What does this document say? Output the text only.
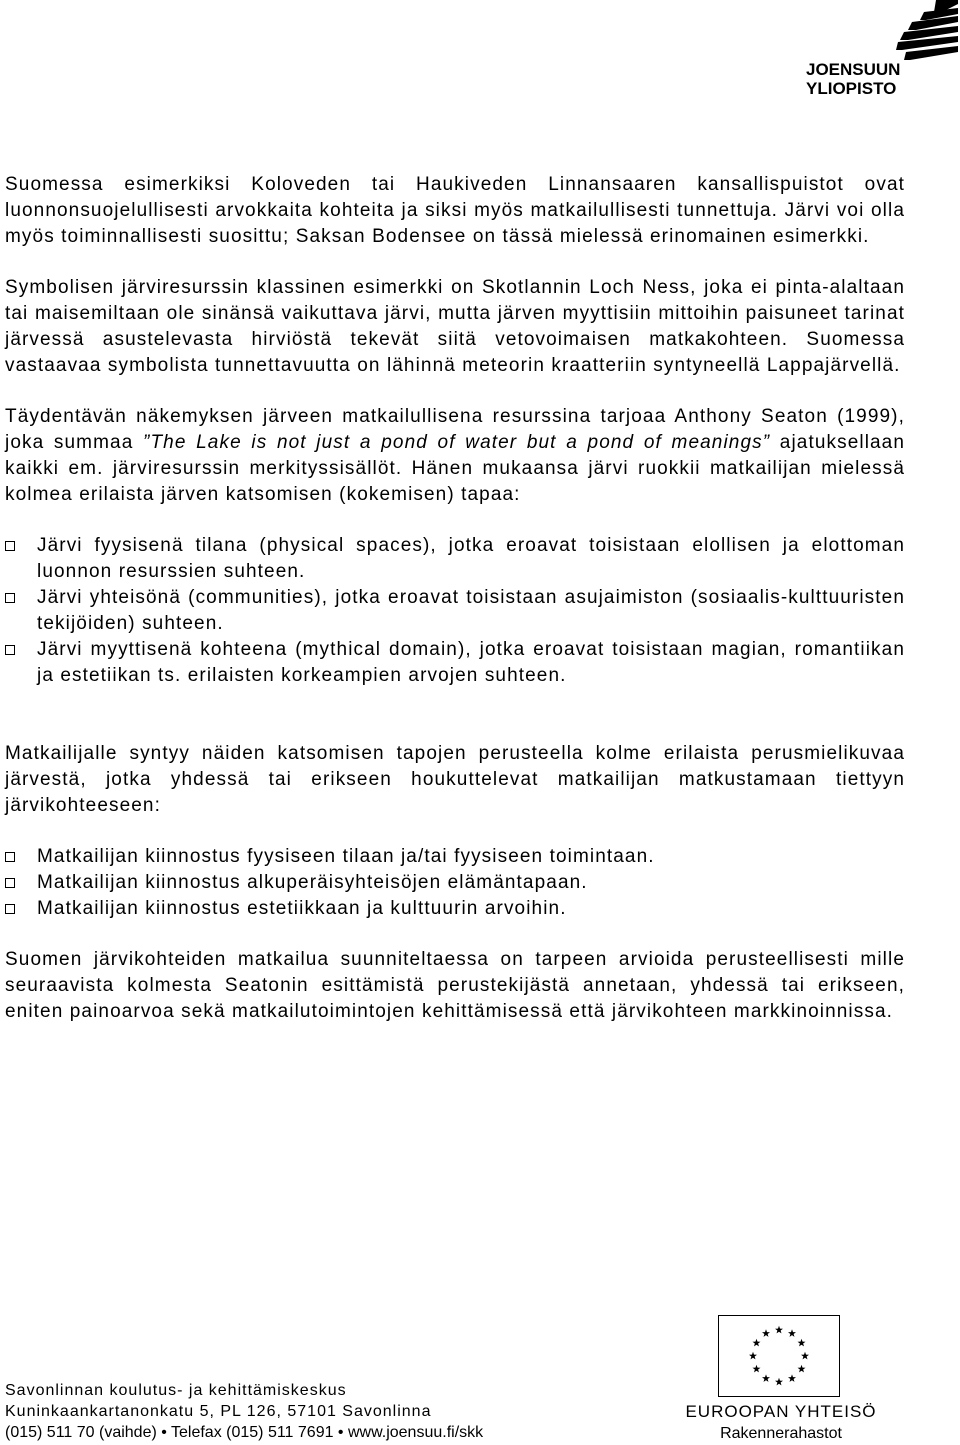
JOENSUUN
YLIOPISTO

Suomessa esimerkiksi Koloveden tai Haukiveden Linnansaaren kansallispuistot ovat luonnonsuojelullisesti arvokkaita kohteita ja siksi myös matkailullisesti tunnettuja. Järvi voi olla myös toiminnallisesti suosittu; Saksan Bodensee on tässä mielessä erinomainen esimerkki.

Symbolisen järviresurssin klassinen esimerkki on Skotlannin Loch Ness, joka ei pinta-alaltaan tai maisemiltaan ole sinänsä vaikuttava järvi, mutta järven myyttisiin mittoihin paisuneet tarinat järvessä asustelevasta hirviöstä tekevät siitä vetovoimaisen matkakohteen. Suomessa vastaavaa symbolista tunnettavuutta on lähinnä meteorin kraatteriin syntyneellä Lappajärvellä.

Täydentävän näkemyksen järveen matkailullisena resurssina tarjoaa Anthony Seaton (1999), joka summaa ”The Lake is not just a pond of water but a pond of meanings” ajatuksellaan kaikki em. järviresurssin merkityssisällöt. Hänen mukaansa järvi ruokkii matkailijan mielessä kolmea erilaista järven katsomisen (kokemisen) tapaa:

Järvi fyysisenä tilana (physical spaces), jotka eroavat toisistaan elollisen ja elottoman luonnon resurssien suhteen.
Järvi yhteisönä (communities), jotka eroavat toisistaan asujaimiston (sosiaalis-kulttuuristen tekijöiden) suhteen.
Järvi myyttisenä kohteena (mythical domain), jotka eroavat toisistaan magian, romantiikan ja estetiikan ts. erilaisten korkeampien arvojen suhteen.

Matkailijalle syntyy näiden katsomisen tapojen perusteella kolme erilaista perusmielikuvaa järvestä, jotka yhdessä tai erikseen houkuttelevat matkailijan matkustamaan tiettyyn järvikohteeseen:

Matkailijan kiinnostus fyysiseen tilaan ja/tai fyysiseen toimintaan.
Matkailijan kiinnostus alkuperäisyhteisöjen elämäntapaan.
Matkailijan kiinnostus estetiikkaan ja kulttuurin arvoihin.

Suomen järvikohteiden matkailua suunniteltaessa on tarpeen arvioida perusteellisesti mille seuraavista kolmesta Seatonin esittämistä perustekijästä annetaan, yhdessä tai erikseen, eniten painoarvoa sekä matkailutoimintojen kehittämisessä että järvikohteen markkinoinnissa.

Savonlinnan koulutus- ja kehittämiskeskus
Kuninkaankartanonkatu 5, PL 126, 57101 Savonlinna
(015) 511 70 (vaihde) • Telefax (015) 511 7691 • www.joensuu.fi/skk
EUROOPAN YHTEISÖ
Rakennerahastot
